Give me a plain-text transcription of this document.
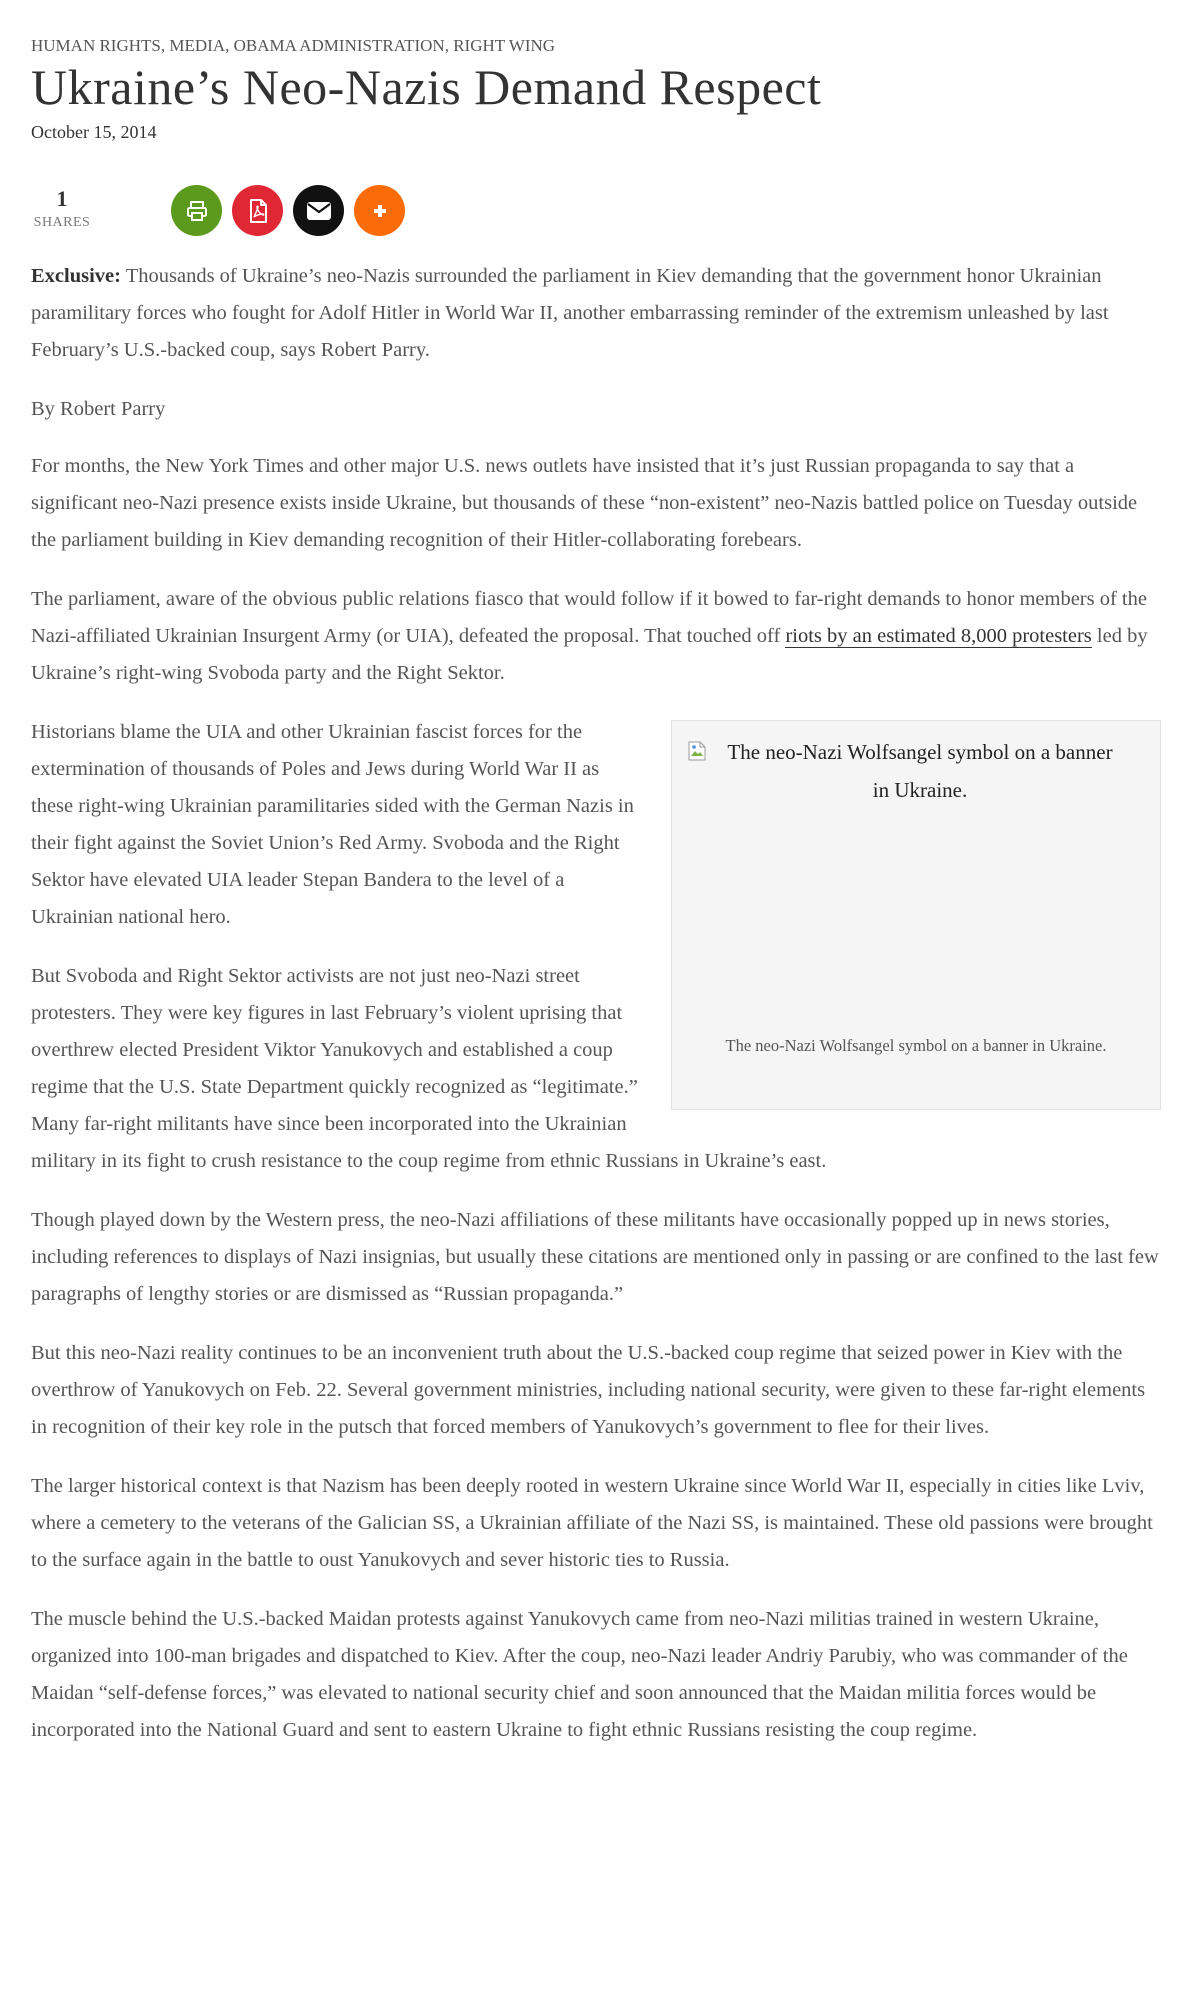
HUMAN RIGHTS, MEDIA, OBAMA ADMINISTRATION, RIGHT WING
Ukraine’s Neo-Nazis Demand Respect
October 15, 2014
1
SHARES

Exclusive: Thousands of Ukraine’s neo-Nazis surrounded the parliament in Kiev demanding that the government honor Ukrainian paramilitary forces who fought for Adolf Hitler in World War II, another embarrassing reminder of the extremism unleashed by last February’s U.S.-backed coup, says Robert Parry.

By Robert Parry

For months, the New York Times and other major U.S. news outlets have insisted that it’s just Russian propaganda to say that a significant neo-Nazi presence exists inside Ukraine, but thousands of these “non-existent” neo-Nazis battled police on Tuesday outside the parliament building in Kiev demanding recognition of their Hitler-collaborating forebears.

The parliament, aware of the obvious public relations fiasco that would follow if it bowed to far-right demands to honor members of the Nazi-affiliated Ukrainian Insurgent Army (or UIA), defeated the proposal. That touched off riots by an estimated 8,000 protesters led by Ukraine’s right-wing Svoboda party and the Right Sektor.

The neo-Nazi Wolfsangel symbol on a banner in Ukraine.
The neo-Nazi Wolfsangel symbol on a banner in Ukraine.

Historians blame the UIA and other Ukrainian fascist forces for the extermination of thousands of Poles and Jews during World War II as these right-wing Ukrainian paramilitaries sided with the German Nazis in their fight against the Soviet Union’s Red Army. Svoboda and the Right Sektor have elevated UIA leader Stepan Bandera to the level of a Ukrainian national hero.

But Svoboda and Right Sektor activists are not just neo-Nazi street protesters. They were key figures in last February’s violent uprising that overthrew elected President Viktor Yanukovych and established a coup regime that the U.S. State Department quickly recognized as “legitimate.” Many far-right militants have since been incorporated into the Ukrainian military in its fight to crush resistance to the coup regime from ethnic Russians in Ukraine’s east.

Though played down by the Western press, the neo-Nazi affiliations of these militants have occasionally popped up in news stories, including references to displays of Nazi insignias, but usually these citations are mentioned only in passing or are confined to the last few paragraphs of lengthy stories or are dismissed as “Russian propaganda.”

But this neo-Nazi reality continues to be an inconvenient truth about the U.S.-backed coup regime that seized power in Kiev with the overthrow of Yanukovych on Feb. 22. Several government ministries, including national security, were given to these far-right elements in recognition of their key role in the putsch that forced members of Yanukovych’s government to flee for their lives.

The larger historical context is that Nazism has been deeply rooted in western Ukraine since World War II, especially in cities like Lviv, where a cemetery to the veterans of the Galician SS, a Ukrainian affiliate of the Nazi SS, is maintained. These old passions were brought to the surface again in the battle to oust Yanukovych and sever historic ties to Russia.

The muscle behind the U.S.-backed Maidan protests against Yanukovych came from neo-Nazi militias trained in western Ukraine, organized into 100-man brigades and dispatched to Kiev. After the coup, neo-Nazi leader Andriy Parubiy, who was commander of the Maidan “self-defense forces,” was elevated to national security chief and soon announced that the Maidan militia forces would be incorporated into the National Guard and sent to eastern Ukraine to fight ethnic Russians resisting the coup regime.
